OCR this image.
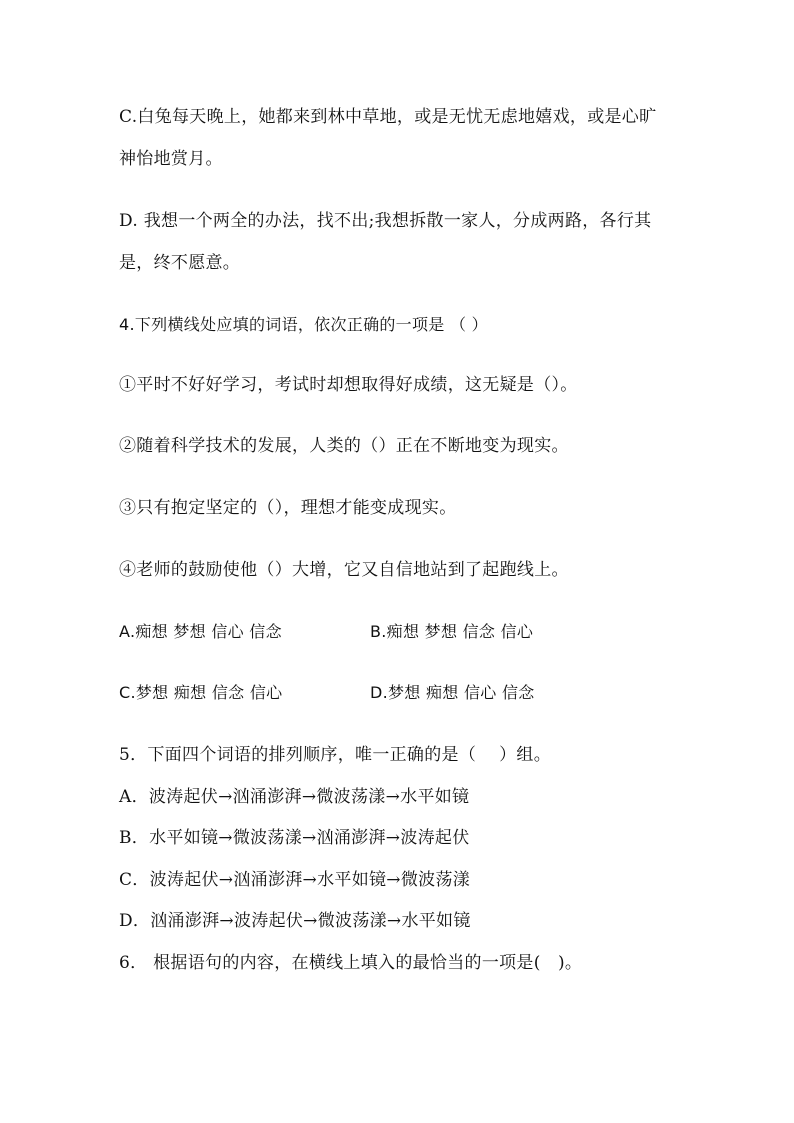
C.白兔每天晚上，她都来到林中草地，或是无忧无虑地嬉戏，或是心旷
神怡地赏月。
D. 我想一个两全的办法，找不出;我想拆散一家人，分成两路，各行其
是，终不愿意。
4.下列横线处应填的词语，依次正确的一项是 （ ）
①平时不好好学习，考试时却想取得好成绩，这无疑是（）。
②随着科学技术的发展，人类的（）正在不断地变为现实。
③只有抱定坚定的（），理想才能变成现实。
④老师的鼓励使他（）大增，它又自信地站到了起跑线上。
A.痴想 梦想 信心 信念	B.痴想 梦想 信念 信心
C.梦想 痴想 信念 信心	D.梦想 痴想 信心 信念
5．下面四个词语的排列顺序，唯一正确的是（　 ）组。
A．波涛起伏→汹涌澎湃→微波荡漾→水平如镜
B．水平如镜→微波荡漾→汹涌澎湃→波涛起伏
C．波涛起伏→汹涌澎湃→水平如镜→微波荡漾
D．汹涌澎湃→波涛起伏→微波荡漾→水平如镜
6． 根据语句的内容，在横线上填入的最恰当的一项是(　)。
